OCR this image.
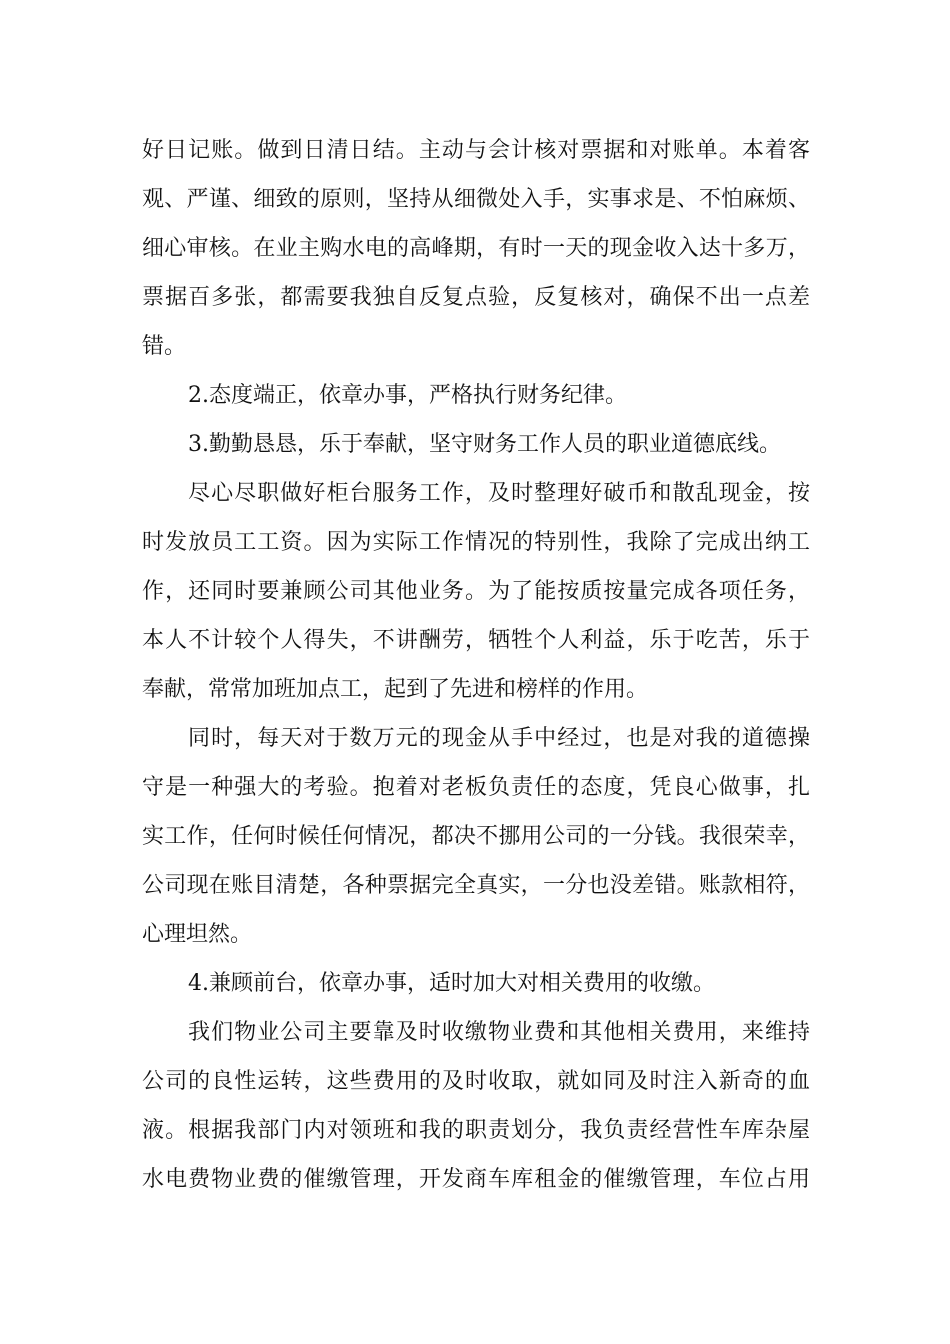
好日记账。做到日清日结。主动与会计核对票据和对账单。本着客
观、严谨、细致的原则，坚持从细微处入手，实事求是、不怕麻烦、
细心审核。在业主购水电的高峰期，有时一天的现金收入达十多万，
票据百多张，都需要我独自反复点验，反复核对，确保不出一点差
错。
2.态度端正，依章办事，严格执行财务纪律。
3.勤勤恳恳，乐于奉献，坚守财务工作人员的职业道德底线。
尽心尽职做好柜台服务工作，及时整理好破币和散乱现金，按
时发放员工工资。因为实际工作情况的特别性，我除了完成出纳工
作，还同时要兼顾公司其他业务。为了能按质按量完成各项任务，
本人不计较个人得失，不讲酬劳，牺牲个人利益，乐于吃苦，乐于
奉献，常常加班加点工，起到了先进和榜样的作用。
同时，每天对于数万元的现金从手中经过，也是对我的道德操
守是一种强大的考验。抱着对老板负责任的态度，凭良心做事，扎
实工作，任何时候任何情况，都决不挪用公司的一分钱。我很荣幸，
公司现在账目清楚，各种票据完全真实，一分也没差错。账款相符，
心理坦然。
4.兼顾前台，依章办事，适时加大对相关费用的收缴。
我们物业公司主要靠及时收缴物业费和其他相关费用，来维持
公司的良性运转，这些费用的及时收取，就如同及时注入新奇的血
液。根据我部门内对领班和我的职责划分，我负责经营性车库杂屋
水电费物业费的催缴管理，开发商车库租金的催缴管理，车位占用
